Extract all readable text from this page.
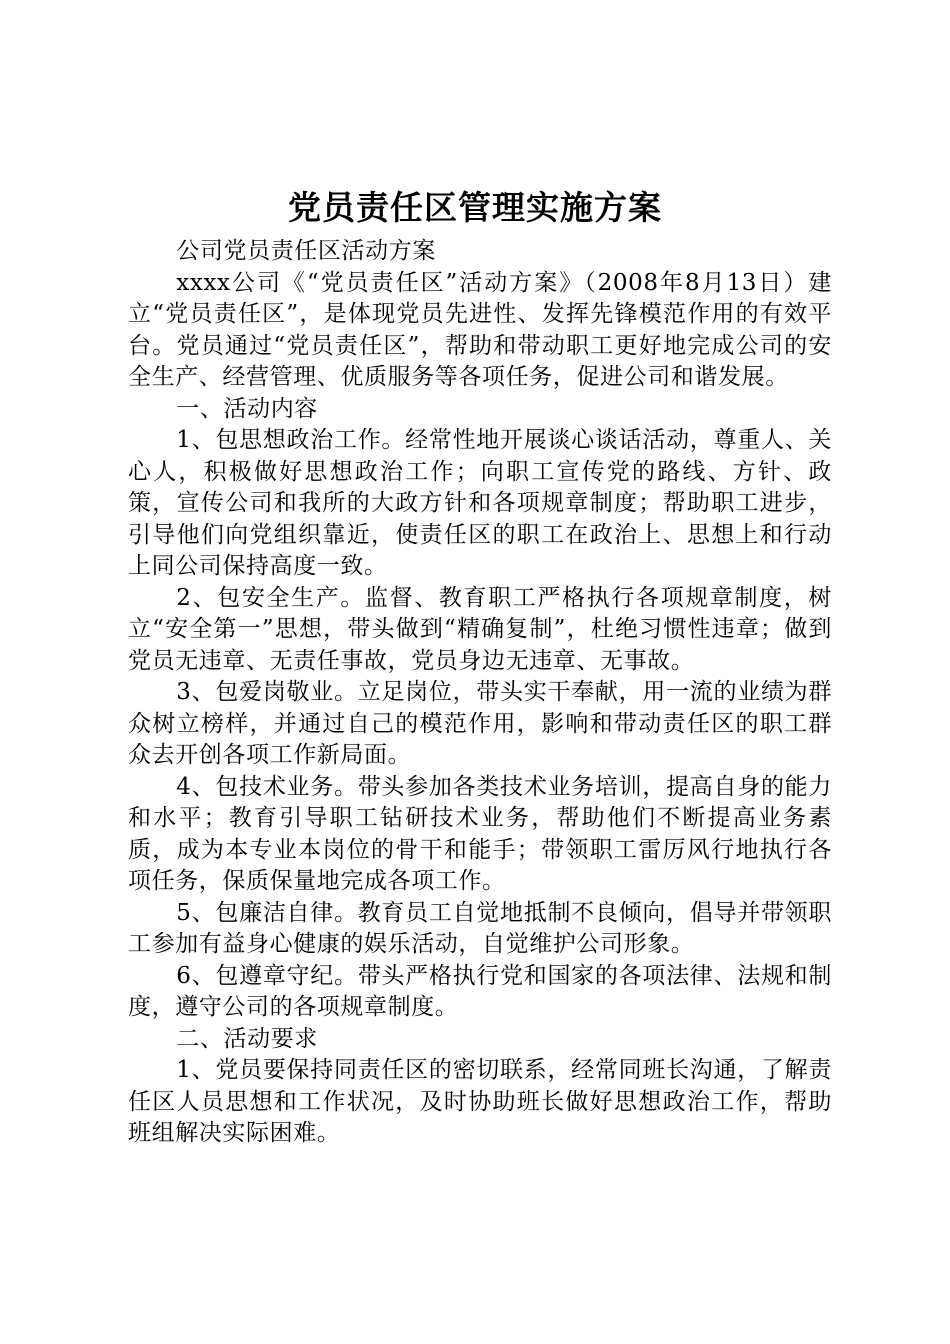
党员责任区管理实施方案

公司党员责任区活动方案

xxxx公司《“党员责任区”活动方案》（2008年8月13日）建立“党员责任区”，是体现党员先进性、发挥先锋模范作用的有效平台。党员通过“党员责任区”，帮助和带动职工更好地完成公司的安全生产、经营管理、优质服务等各项任务，促进公司和谐发展。

一、活动内容

1、包思想政治工作。经常性地开展谈心谈话活动，尊重人、关心人，积极做好思想政治工作；向职工宣传党的路线、方针、政策，宣传公司和我所的大政方针和各项规章制度；帮助职工进步，引导他们向党组织靠近，使责任区的职工在政治上、思想上和行动上同公司保持高度一致。

2、包安全生产。监督、教育职工严格执行各项规章制度，树立“安全第一”思想，带头做到“精确复制”，杜绝习惯性违章；做到党员无违章、无责任事故，党员身边无违章、无事故。

3、包爱岗敬业。立足岗位，带头实干奉献，用一流的业绩为群众树立榜样，并通过自己的模范作用，影响和带动责任区的职工群众去开创各项工作新局面。

4、包技术业务。带头参加各类技术业务培训，提高自身的能力和水平；教育引导职工钻研技术业务，帮助他们不断提高业务素质，成为本专业本岗位的骨干和能手；带领职工雷厉风行地执行各项任务，保质保量地完成各项工作。

5、包廉洁自律。教育员工自觉地抵制不良倾向，倡导并带领职工参加有益身心健康的娱乐活动，自觉维护公司形象。

6、包遵章守纪。带头严格执行党和国家的各项法律、法规和制度，遵守公司的各项规章制度。

二、活动要求

1、党员要保持同责任区的密切联系，经常同班长沟通，了解责任区人员思想和工作状况，及时协助班长做好思想政治工作，帮助班组解决实际困难。
